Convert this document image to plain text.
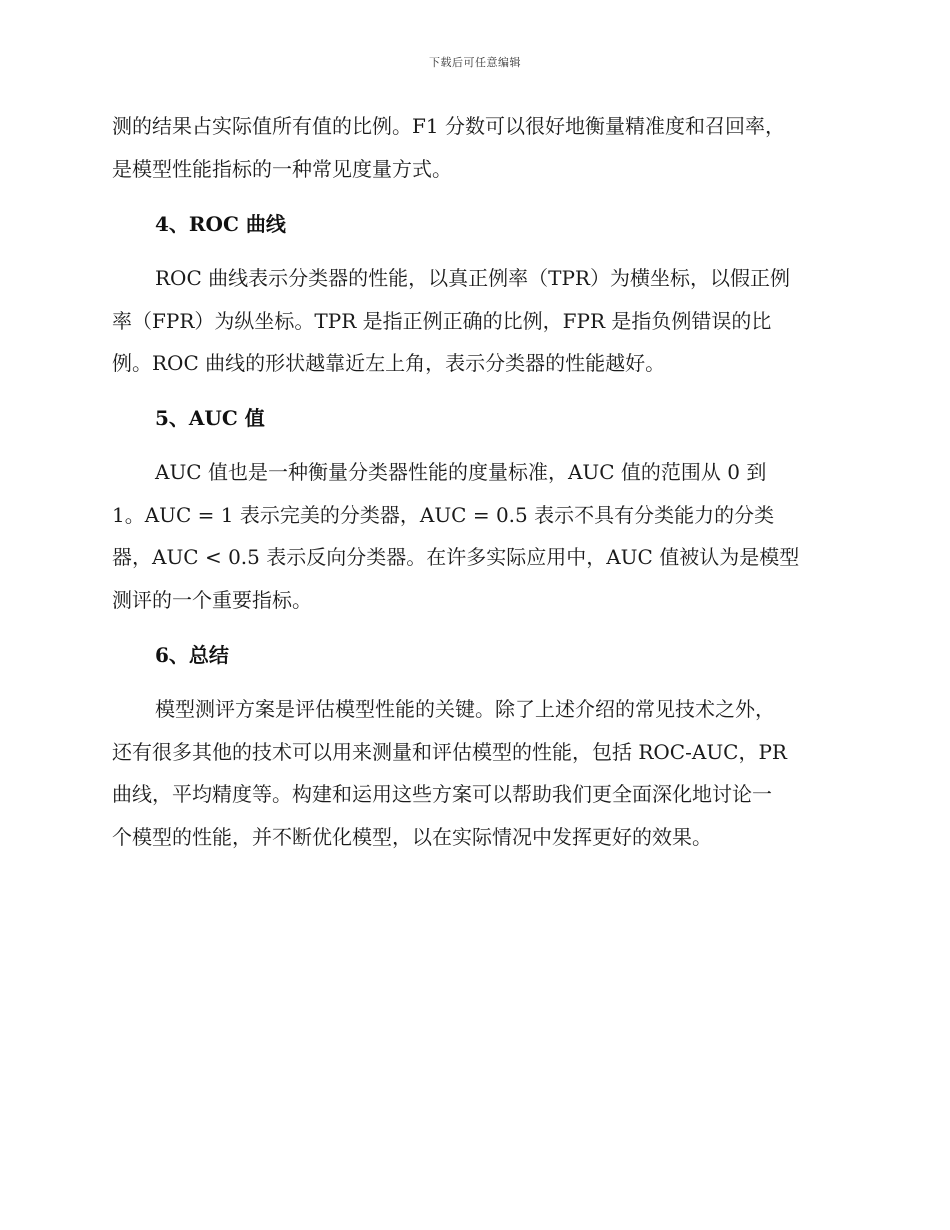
下载后可任意编辑
测的结果占实际值所有值的比例。F1 分数可以很好地衡量精准度和召回率，
是模型性能指标的一种常见度量方式。
4、ROC 曲线
ROC 曲线表示分类器的性能，以真正例率（TPR）为横坐标，以假正例
率（FPR）为纵坐标。TPR 是指正例正确的比例，FPR 是指负例错误的比
例。ROC 曲线的形状越靠近左上角，表示分类器的性能越好。
5、AUC 值
AUC 值也是一种衡量分类器性能的度量标准，AUC 值的范围从 0 到
1。AUC = 1 表示完美的分类器，AUC = 0.5 表示不具有分类能力的分类
器，AUC < 0.5 表示反向分类器。在许多实际应用中，AUC 值被认为是模型
测评的一个重要指标。
6、总结
模型测评方案是评估模型性能的关键。除了上述介绍的常见技术之外，
还有很多其他的技术可以用来测量和评估模型的性能，包括 ROC-AUC，PR
曲线，平均精度等。构建和运用这些方案可以帮助我们更全面深化地讨论一
个模型的性能，并不断优化模型，以在实际情况中发挥更好的效果。
